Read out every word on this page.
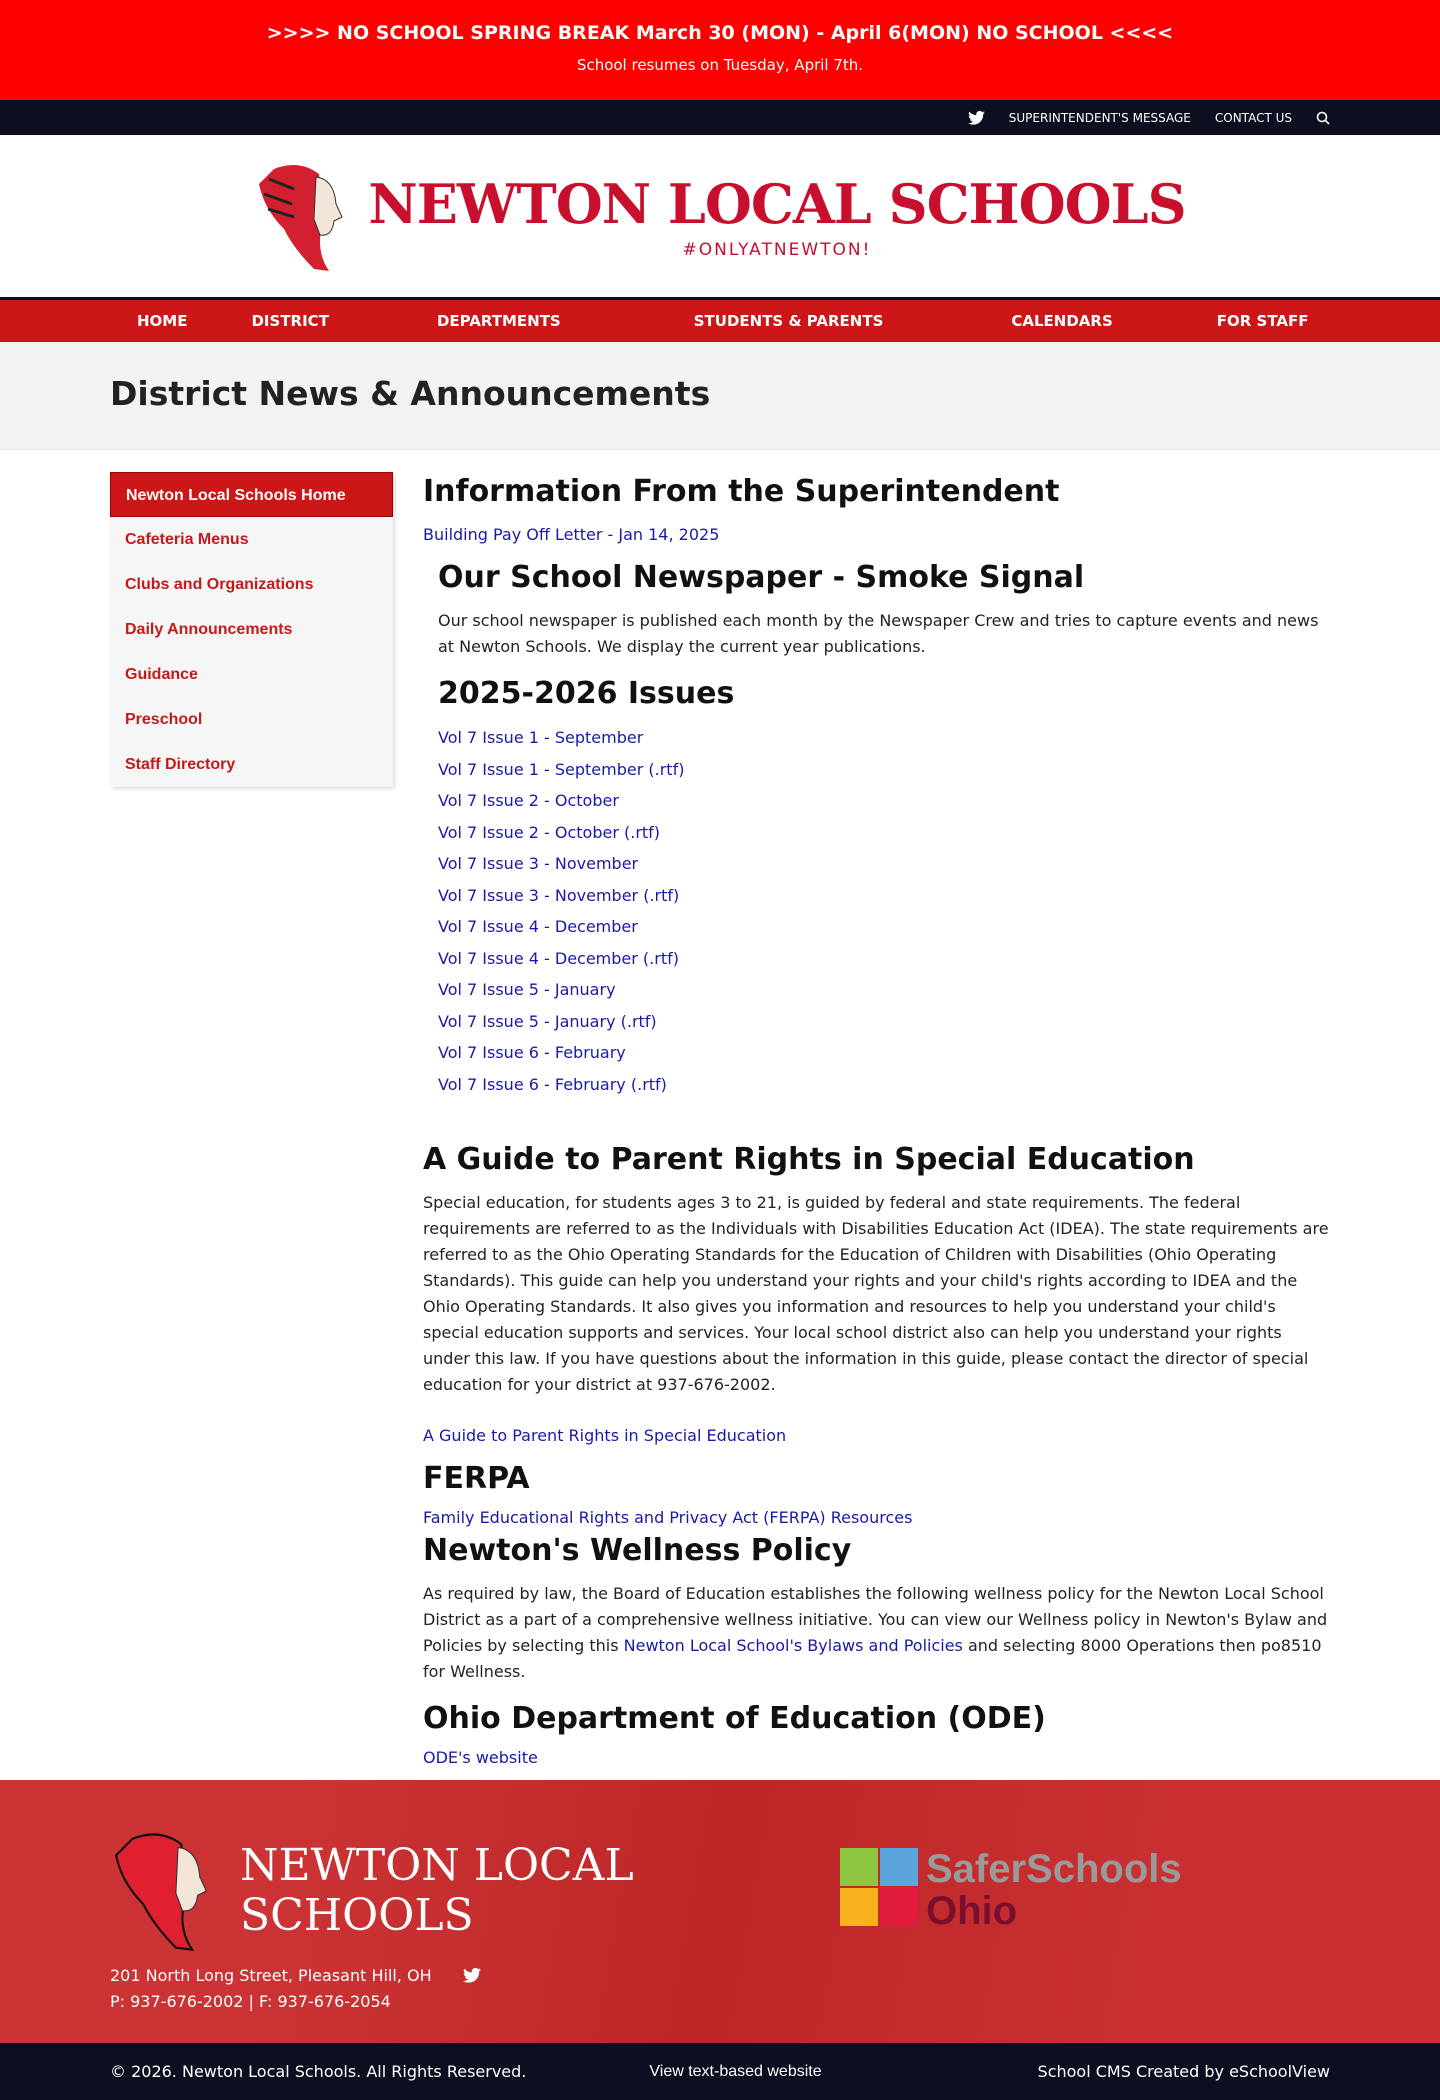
>>>> NO SCHOOL SPRING BREAK March 30 (MON) - April 6(MON) NO SCHOOL <<<<
School resumes on Tuesday, April 7th.
SUPERINTENDENT'S MESSAGE CONTACT US
NEWTON LOCAL SCHOOLS
#ONLYATNEWTON!
HOME	DISTRICT	DEPARTMENTS	STUDENTS & PARENTS	CALENDARS	FOR STAFF
District News & Announcements
Newton Local Schools Home
Cafeteria Menus
Clubs and Organizations
Daily Announcements
Guidance
Preschool
Staff Directory
Information From the Superintendent
Building Pay Off Letter - Jan 14, 2025
Our School Newspaper - Smoke Signal

Our school newspaper is published each month by the Newspaper Crew and tries to capture events and news at Newton Schools. We display the current year publications.

2025-2026 Issues
Vol 7 Issue 1 - September
Vol 7 Issue 1 - September (.rtf)
Vol 7 Issue 2 - October
Vol 7 Issue 2 - October (.rtf)
Vol 7 Issue 3 - November
Vol 7 Issue 3 - November (.rtf)
Vol 7 Issue 4 - December
Vol 7 Issue 4 - December (.rtf)
Vol 7 Issue 5 - January
Vol 7 Issue 5 - January (.rtf)
Vol 7 Issue 6 - February
Vol 7 Issue 6 - February (.rtf)
A Guide to Parent Rights in Special Education

Special education, for students ages 3 to 21, is guided by federal and state requirements. The federal requirements are referred to as the Individuals with Disabilities Education Act (IDEA). The state requirements are referred to as the Ohio Operating Standards for the Education of Children with Disabilities (Ohio Operating Standards). This guide can help you understand your rights and your child's rights according to IDEA and the Ohio Operating Standards. It also gives you information and resources to help you understand your child's special education supports and services. Your local school district also can help you understand your rights under this law. If you have questions about the information in this guide, please contact the director of special education for your district at 937-676-2002.

A Guide to Parent Rights in Special Education
FERPA
Family Educational Rights and Privacy Act (FERPA) Resources
Newton's Wellness Policy

As required by law, the Board of Education establishes the following wellness policy for the Newton Local School District as a part of a comprehensive wellness initiative. You can view our Wellness policy in Newton's Bylaw and Policies by selecting this Newton Local School's Bylaws and Policies and selecting 8000 Operations then po8510 for Wellness.

Ohio Department of Education (ODE)
ODE's website
NEWTON LOCAL
SCHOOLS
201 North Long Street, Pleasant Hill, OH
P: 937-676-2002 | F: 937-676-2054
SaferSchools
Ohio
© 2026. Newton Local Schools. All Rights Reserved.	View text-based website	School CMS Created by eSchoolView
